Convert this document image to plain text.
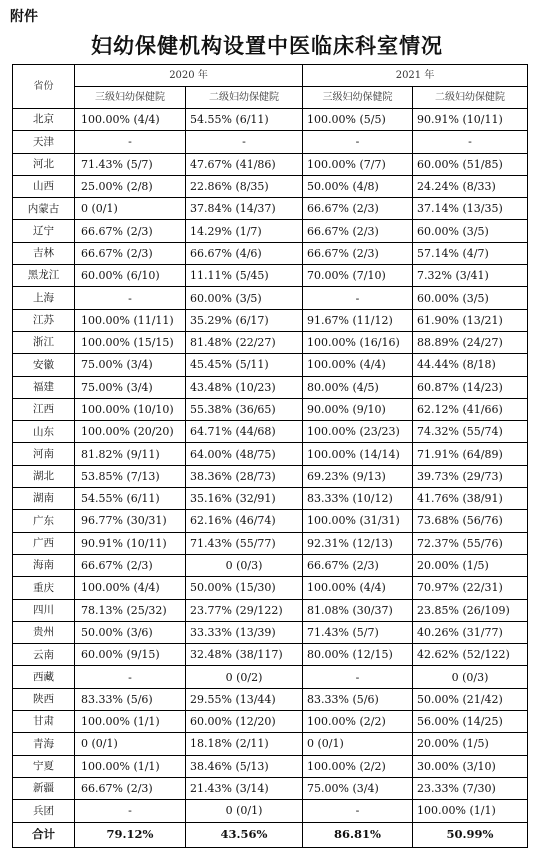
附件
妇幼保健机构设置中医临床科室情况
省份	2020 年		2021 年	
	三级妇幼保健院	二级妇幼保健院	三级妇幼保健院	二级妇幼保健院
北京	100.00% (4/4)	54.55% (6/11)	100.00% (5/5)	90.91% (10/11)
天津	-	-	-	-
河北	71.43% (5/7)	47.67% (41/86)	100.00% (7/7)	60.00% (51/85)
山西	25.00% (2/8)	22.86% (8/35)	50.00% (4/8)	24.24% (8/33)
内蒙古	0 (0/1)	37.84% (14/37)	66.67% (2/3)	37.14% (13/35)
辽宁	66.67% (2/3)	14.29% (1/7)	66.67% (2/3)	60.00% (3/5)
吉林	66.67% (2/3)	66.67% (4/6)	66.67% (2/3)	57.14% (4/7)
黑龙江	60.00% (6/10)	11.11% (5/45)	70.00% (7/10)	7.32% (3/41)
上海	-	60.00% (3/5)	-	60.00% (3/5)
江苏	100.00% (11/11)	35.29% (6/17)	91.67% (11/12)	61.90% (13/21)
浙江	100.00% (15/15)	81.48% (22/27)	100.00% (16/16)	88.89% (24/27)
安徽	75.00% (3/4)	45.45% (5/11)	100.00% (4/4)	44.44% (8/18)
福建	75.00% (3/4)	43.48% (10/23)	80.00% (4/5)	60.87% (14/23)
江西	100.00% (10/10)	55.38% (36/65)	90.00% (9/10)	62.12% (41/66)
山东	100.00% (20/20)	64.71% (44/68)	100.00% (23/23)	74.32% (55/74)
河南	81.82% (9/11)	64.00% (48/75)	100.00% (14/14)	71.91% (64/89)
湖北	53.85% (7/13)	38.36% (28/73)	69.23% (9/13)	39.73% (29/73)
湖南	54.55% (6/11)	35.16% (32/91)	83.33% (10/12)	41.76% (38/91)
广东	96.77% (30/31)	62.16% (46/74)	100.00% (31/31)	73.68% (56/76)
广西	90.91% (10/11)	71.43% (55/77)	92.31% (12/13)	72.37% (55/76)
海南	66.67% (2/3)	0 (0/3)	66.67% (2/3)	20.00% (1/5)
重庆	100.00% (4/4)	50.00% (15/30)	100.00% (4/4)	70.97% (22/31)
四川	78.13% (25/32)	23.77% (29/122)	81.08% (30/37)	23.85% (26/109)
贵州	50.00% (3/6)	33.33% (13/39)	71.43% (5/7)	40.26% (31/77)
云南	60.00% (9/15)	32.48% (38/117)	80.00% (12/15)	42.62% (52/122)
西藏	-	0 (0/2)	-	0 (0/3)
陕西	83.33% (5/6)	29.55% (13/44)	83.33% (5/6)	50.00% (21/42)
甘肃	100.00% (1/1)	60.00% (12/20)	100.00% (2/2)	56.00% (14/25)
青海	0 (0/1)	18.18% (2/11)	0 (0/1)	20.00% (1/5)
宁夏	100.00% (1/1)	38.46% (5/13)	100.00% (2/2)	30.00% (3/10)
新疆	66.67% (2/3)	21.43% (3/14)	75.00% (3/4)	23.33% (7/30)
兵团	-	0 (0/1)	-	100.00% (1/1)
合计	79.12%	43.56%	86.81%	50.99%
